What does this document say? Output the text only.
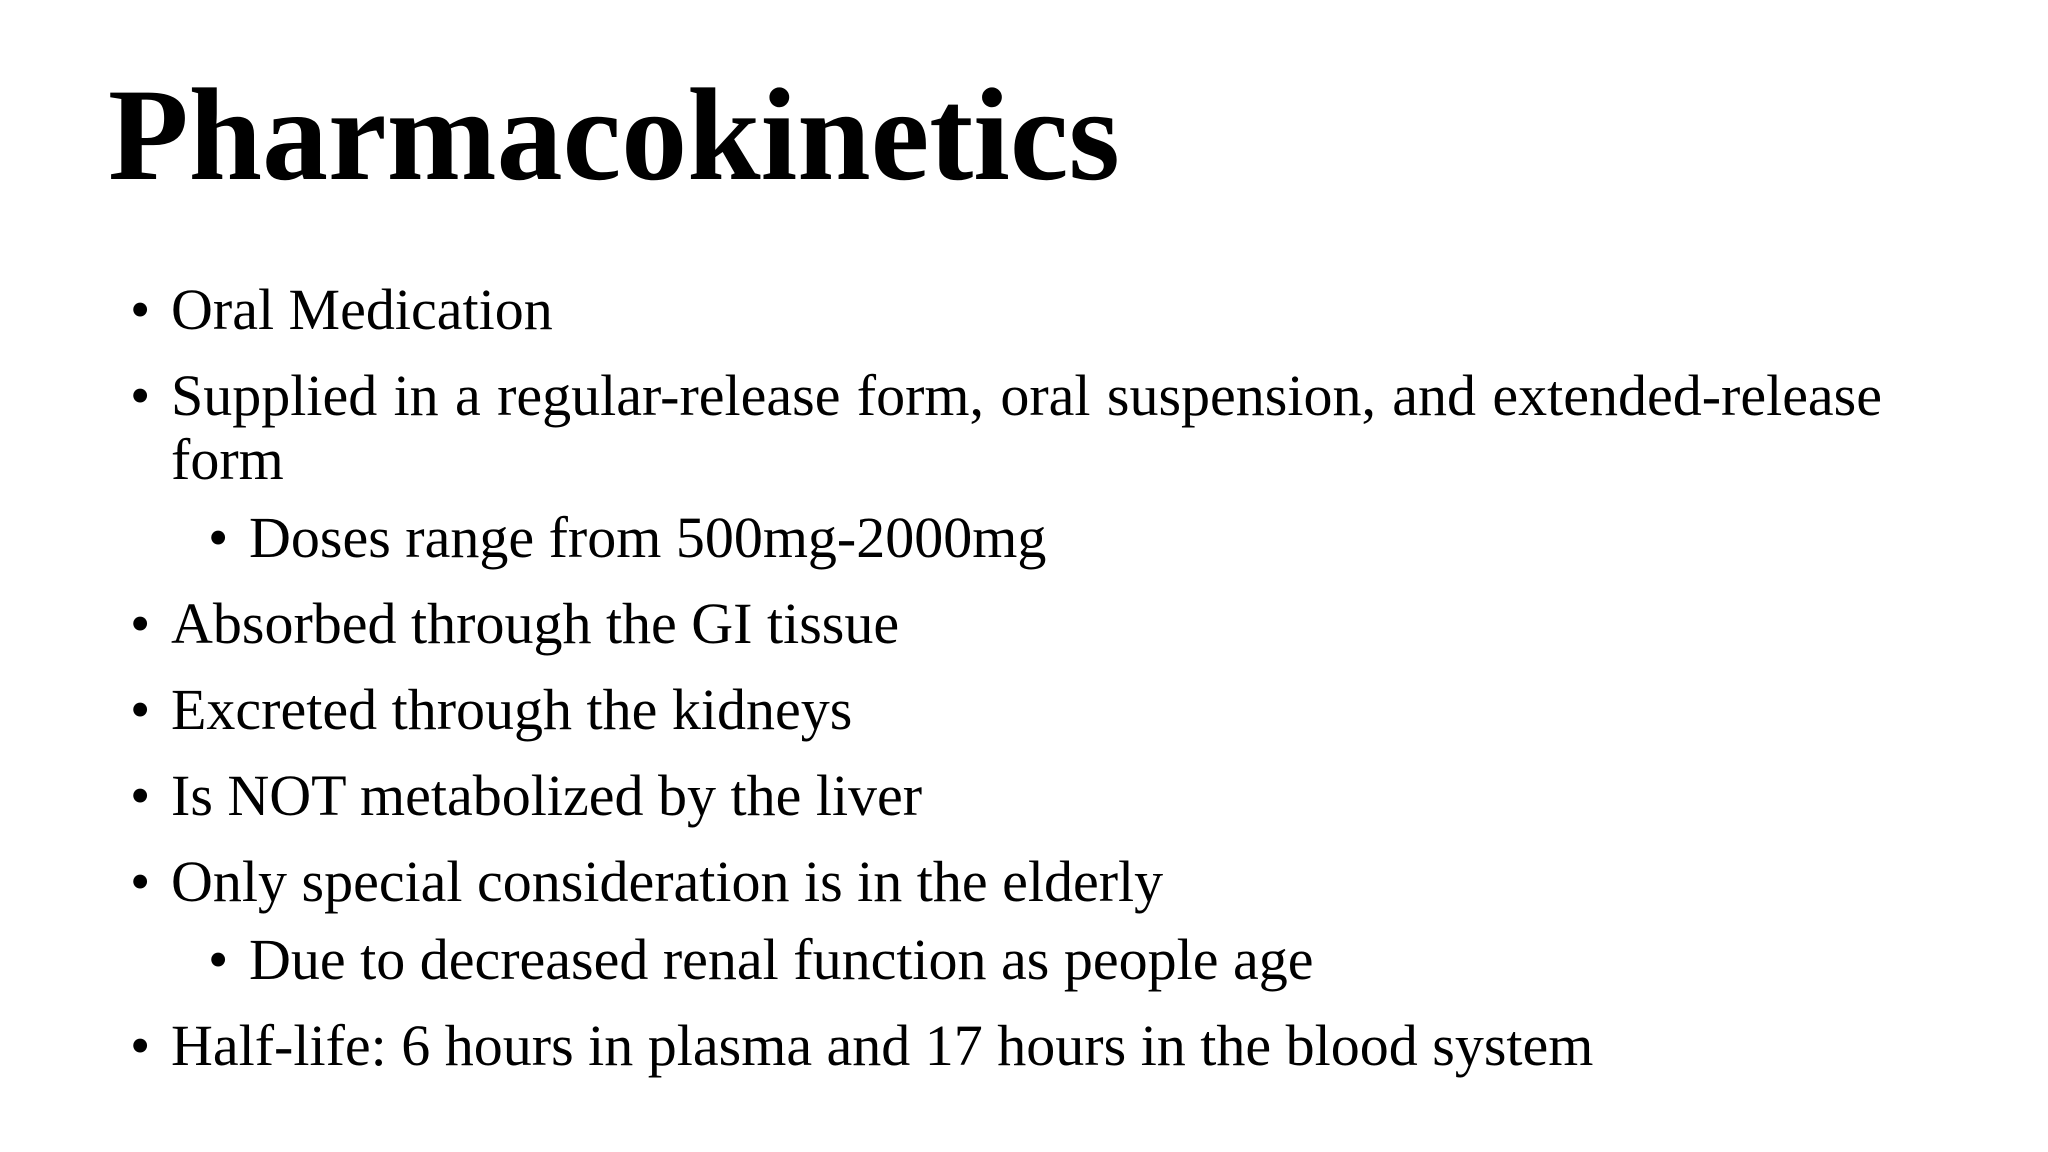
Pharmacokinetics
• Oral Medication
• Supplied in a regular-release form, oral suspension, and extended-release form
• Doses range from 500mg-2000mg
• Absorbed through the GI tissue
• Excreted through the kidneys
• Is NOT metabolized by the liver
• Only special consideration is in the elderly
• Due to decreased renal function as people age
• Half-life: 6 hours in plasma and 17 hours in the blood system
